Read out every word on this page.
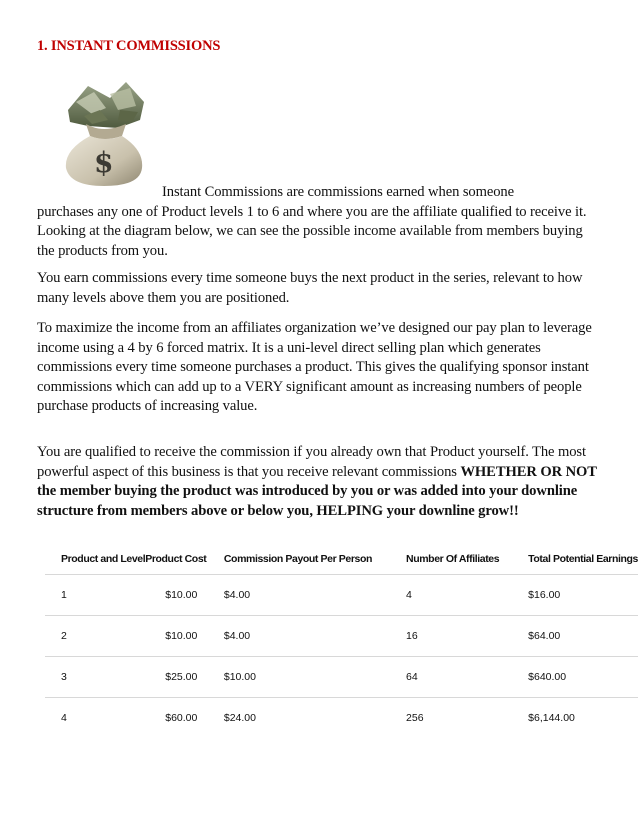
1. INSTANT COMMISSIONS
$
Instant Commissions are commissions earned when someone
purchases any one of Product levels 1 to 6 and where you are the affiliate qualified to receive it. Looking at the diagram below, we can see the possible income available from members buying the products from you.

You earn commissions every time someone buys the next product in the series, relevant to how many levels above them you are positioned.

To maximize the income from an affiliates organization we’ve designed our pay plan to leverage income using a 4 by 6 forced matrix. It is a uni-level direct selling plan which generates commissions every time someone purchases a product. This gives the qualifying sponsor instant commissions which can add up to a VERY significant amount as increasing numbers of people purchase products of increasing value.

You are qualified to receive the commission if you already own that Product yourself. The most powerful aspect of this business is that you receive relevant commissions WHETHER OR NOT the member buying the product was introduced by you or was added into your downline structure from members above or below you, HELPING your downline grow!!

Product and Level	Product Cost	Commission Payout Per Person	Number Of Affiliates	Total Potential Earnings
1	$10.00	$4.00	4	$16.00
2	$10.00	$4.00	16	$64.00
3	$25.00	$10.00	64	$640.00
4	$60.00	$24.00	256	$6,144.00
